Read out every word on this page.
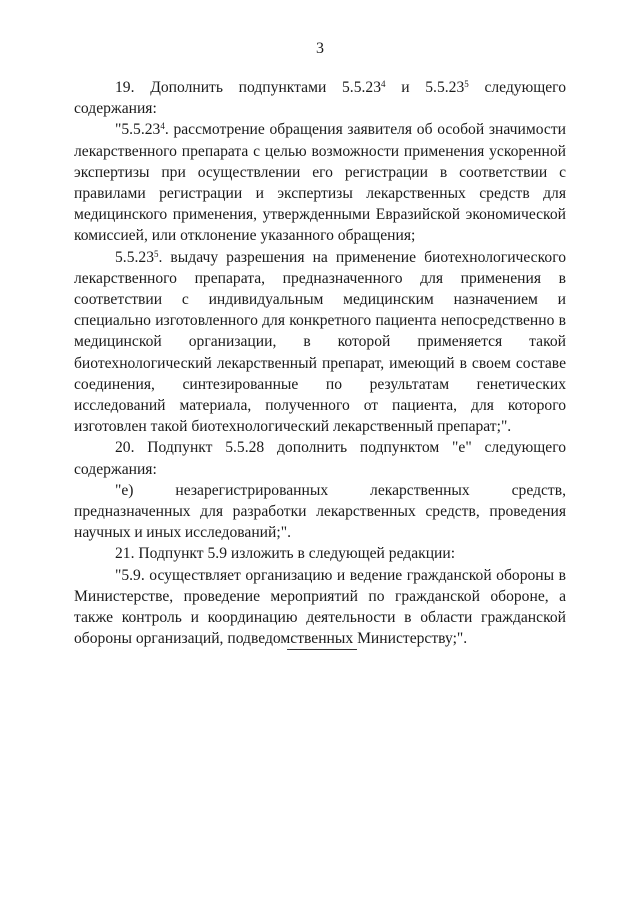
3

19. Дополнить подпунктами 5.5.23$^4$ и 5.5.23$^5$ следующего содержания:

"5.5.23$^4$. рассмотрение обращения заявителя об особой значимости лекарственного препарата с целью возможности применения ускоренной экспертизы при осуществлении его регистрации в соответствии с правилами регистрации и экспертизы лекарственных средств для медицинского применения, утвержденными Евразийской экономической комиссией, или отклонение указанного обращения;

5.5.23$^5$. выдачу разрешения на применение биотехнологического лекарственного препарата, предназначенного для применения в соответствии с индивидуальным медицинским назначением и специально изготовленного для конкретного пациента непосредственно в медицинской организации, в которой применяется такой биотехнологический лекарственный препарат, имеющий в своем составе соединения, синтезированные по результатам генетических исследований материала, полученного от пациента, для которого изготовлен такой биотехнологический лекарственный препарат;".

20. Подпункт 5.5.28 дополнить подпунктом "е" следующего содержания:

"е) незарегистрированных лекарственных средств, предназначенных для разработки лекарственных средств, проведения научных и иных исследований;".

21. Подпункт 5.9 изложить в следующей редакции:

"5.9. осуществляет организацию и ведение гражданской обороны в Министерстве, проведение мероприятий по гражданской обороне, а также контроль и координацию деятельности в области гражданской обороны организаций, подведомственных Министерству;".
